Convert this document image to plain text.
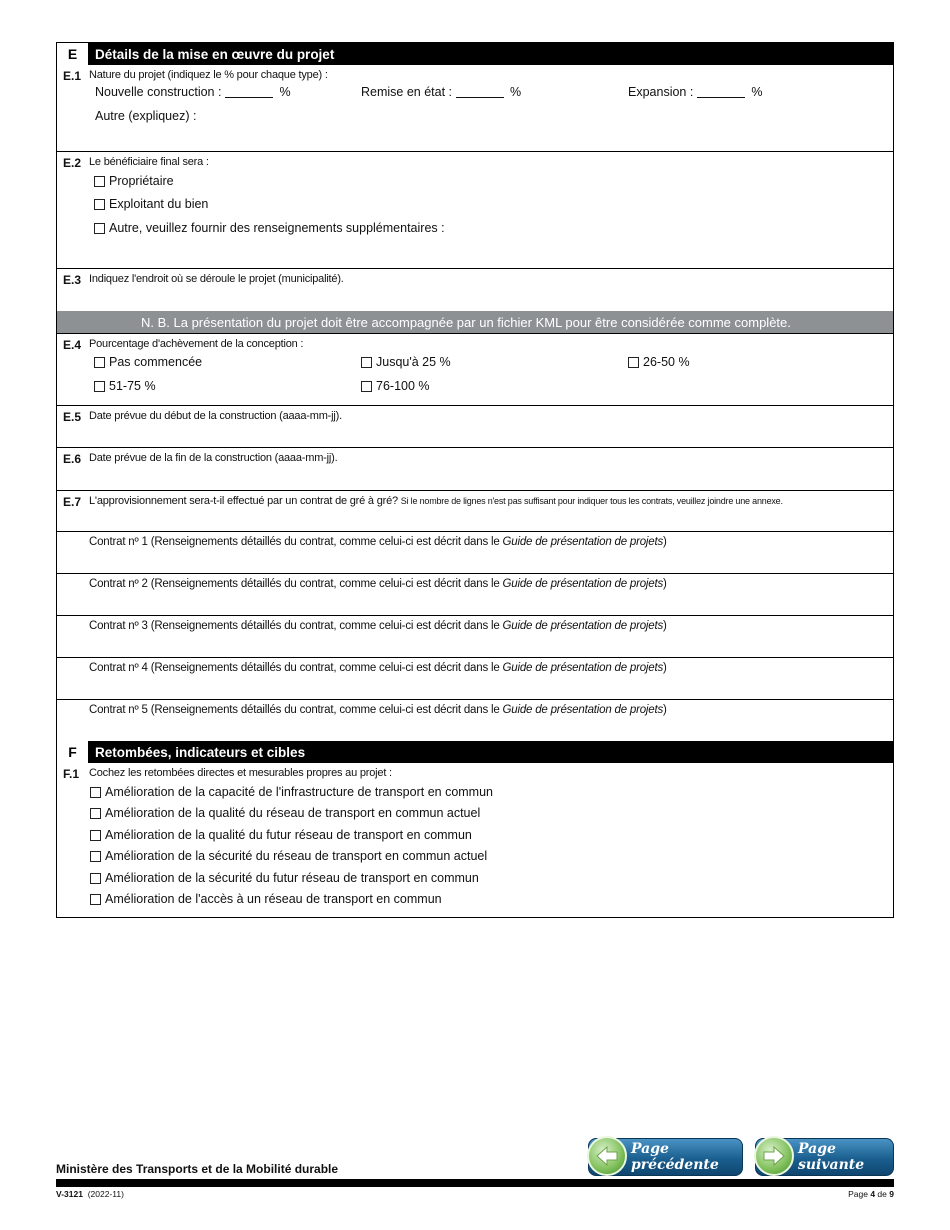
E	Détails de la mise en œuvre du projet
E.1 Nature du projet (indiquez le % pour chaque type) :
Nouvelle construction :	%	Remise en état :	%	Expansion :	%
Autre (expliquez) :
E.2 Le bénéficiaire final sera :
Propriétaire
Exploitant du bien
Autre, veuillez fournir des renseignements supplémentaires :
E.3 Indiquez l'endroit où se déroule le projet (municipalité).
N. B. La présentation du projet doit être accompagnée par un fichier KML pour être considérée comme complète.
E.4 Pourcentage d'achèvement de la conception :
Pas commencée	Jusqu'à 25 %	26-50 %
51-75 %	76-100 %
E.5 Date prévue du début de la construction (aaaa-mm-jj).
E.6 Date prévue de la fin de la construction (aaaa-mm-jj).
E.7 L'approvisionnement sera-t-il effectué par un contrat de gré à gré? Si le nombre de lignes n'est pas suffisant pour indiquer tous les contrats, veuillez joindre une annexe.
Contrat nº 1 (Renseignements détaillés du contrat, comme celui-ci est décrit dans le Guide de présentation de projets)
Contrat nº 2 (Renseignements détaillés du contrat, comme celui-ci est décrit dans le Guide de présentation de projets)
Contrat nº 3 (Renseignements détaillés du contrat, comme celui-ci est décrit dans le Guide de présentation de projets)
Contrat nº 4 (Renseignements détaillés du contrat, comme celui-ci est décrit dans le Guide de présentation de projets)
Contrat nº 5 (Renseignements détaillés du contrat, comme celui-ci est décrit dans le Guide de présentation de projets)
F	Retombées, indicateurs et cibles
F.1 Cochez les retombées directes et mesurables propres au projet :
Amélioration de la capacité de l'infrastructure de transport en commun
Amélioration de la qualité du réseau de transport en commun actuel
Amélioration de la qualité du futur réseau de transport en commun
Amélioration de la sécurité du réseau de transport en commun actuel
Amélioration de la sécurité du futur réseau de transport en commun
Amélioration de l'accès à un réseau de transport en commun
Page précédente
Page suivante
Ministère des Transports et de la Mobilité durable
V-3121 (2022-11)	Page 4 de 9
